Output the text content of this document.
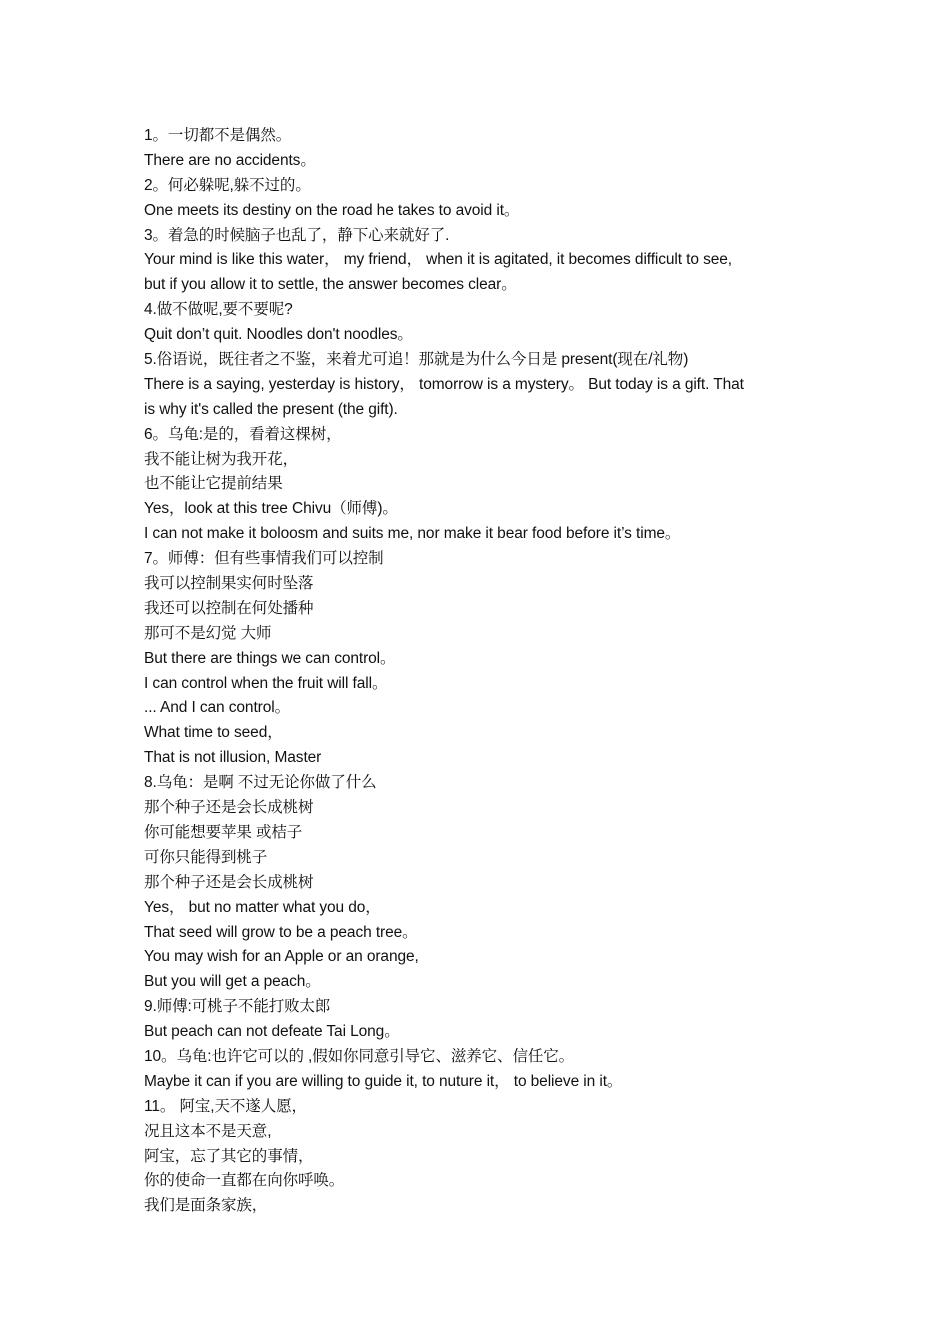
1。一切都不是偶然。
There are no accidents。
2。何必躲呢,躲不过的。
One meets its destiny on the road he takes to avoid it。
3。着急的时候脑子也乱了，静下心来就好了.
Your mind is like this water， my friend， when it is agitated, it becomes difficult to see,
but if you allow it to settle, the answer becomes clear。
4.做不做呢,要不要呢?
Quit don’t quit. Noodles don't noodles。
5.俗语说，既往者之不鉴，来着尤可追！那就是为什么今日是 present(现在/礼物)
There is a saying, yesterday is history， tomorrow is a mystery。 But today is a gift. That
is why it's called the present (the gift).
6。乌龟:是的，看着这棵树，
我不能让树为我开花，
也不能让它提前结果
Yes，look at this tree Chivu（师傅)。
I can not make it boloosm and suits me, nor make it bear food before it’s time。
7。师傅：但有些事情我们可以控制
我可以控制果实何时坠落
我还可以控制在何处播种
那可不是幻觉 大师
But there are things we can control。
I can control when the fruit will fall。
... And I can control。
What time to seed，
That is not illusion, Master
8.乌龟：是啊 不过无论你做了什么
那个种子还是会长成桃树
你可能想要苹果 或桔子
可你只能得到桃子
那个种子还是会长成桃树
Yes， but no matter what you do，
That seed will grow to be a peach tree。
You may wish for an Apple or an orange,
But you will get a peach。
9.师傅:可桃子不能打败太郎
But peach can not defeate Tai Long。
10。乌龟:也许它可以的 ,假如你同意引导它、滋养它、信任它。
Maybe it can if you are willing to guide it, to nuture it， to believe in it。
11。 阿宝,天不遂人愿，
况且这本不是天意,
阿宝，忘了其它的事情，
你的使命一直都在向你呼唤。
我们是面条家族，
